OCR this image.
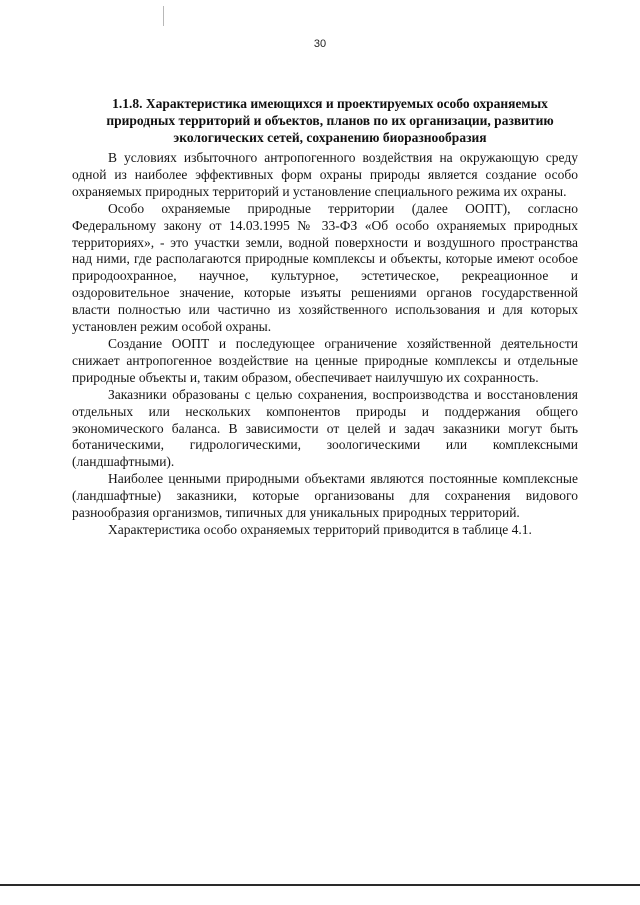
30
1.1.8. Характеристика имеющихся и проектируемых особо охраняемых природных территорий и объектов, планов по их организации, развитию экологических сетей, сохранению биоразнообразия

В условиях избыточного антропогенного воздействия на окружающую среду одной из наиболее эффективных форм охраны природы является создание особо охраняемых природных территорий и установление специального режима их охраны.

Особо охраняемые природные территории (далее ООПТ), согласно Федеральному закону от 14.03.1995 № 33-ФЗ «Об особо охраняемых природных территориях», - это участки земли, водной поверхности и воздушного пространства над ними, где располагаются природные комплексы и объекты, которые имеют особое природоохранное, научное, культурное, эстетическое, рекреационное и оздоровительное значение, которые изъяты решениями органов государственной власти полностью или частично из хозяйственного использования и для которых установлен режим особой охраны.

Создание ООПТ и последующее ограничение хозяйственной деятельности снижает антропогенное воздействие на ценные природные комплексы и отдельные природные объекты и, таким образом, обеспечивает наилучшую их сохранность.

Заказники образованы с целью сохранения, воспроизводства и восстановления отдельных или нескольких компонентов природы и поддержания общего экономического баланса. В зависимости от целей и задач заказники могут быть ботаническими, гидрологическими, зоологическими или комплексными (ландшафтными).

Наиболее ценными природными объектами являются постоянные комплексные (ландшафтные) заказники, которые организованы для сохранения видового разнообразия организмов, типичных для уникальных природных территорий.

Характеристика особо охраняемых территорий приводится в таблице 4.1.
